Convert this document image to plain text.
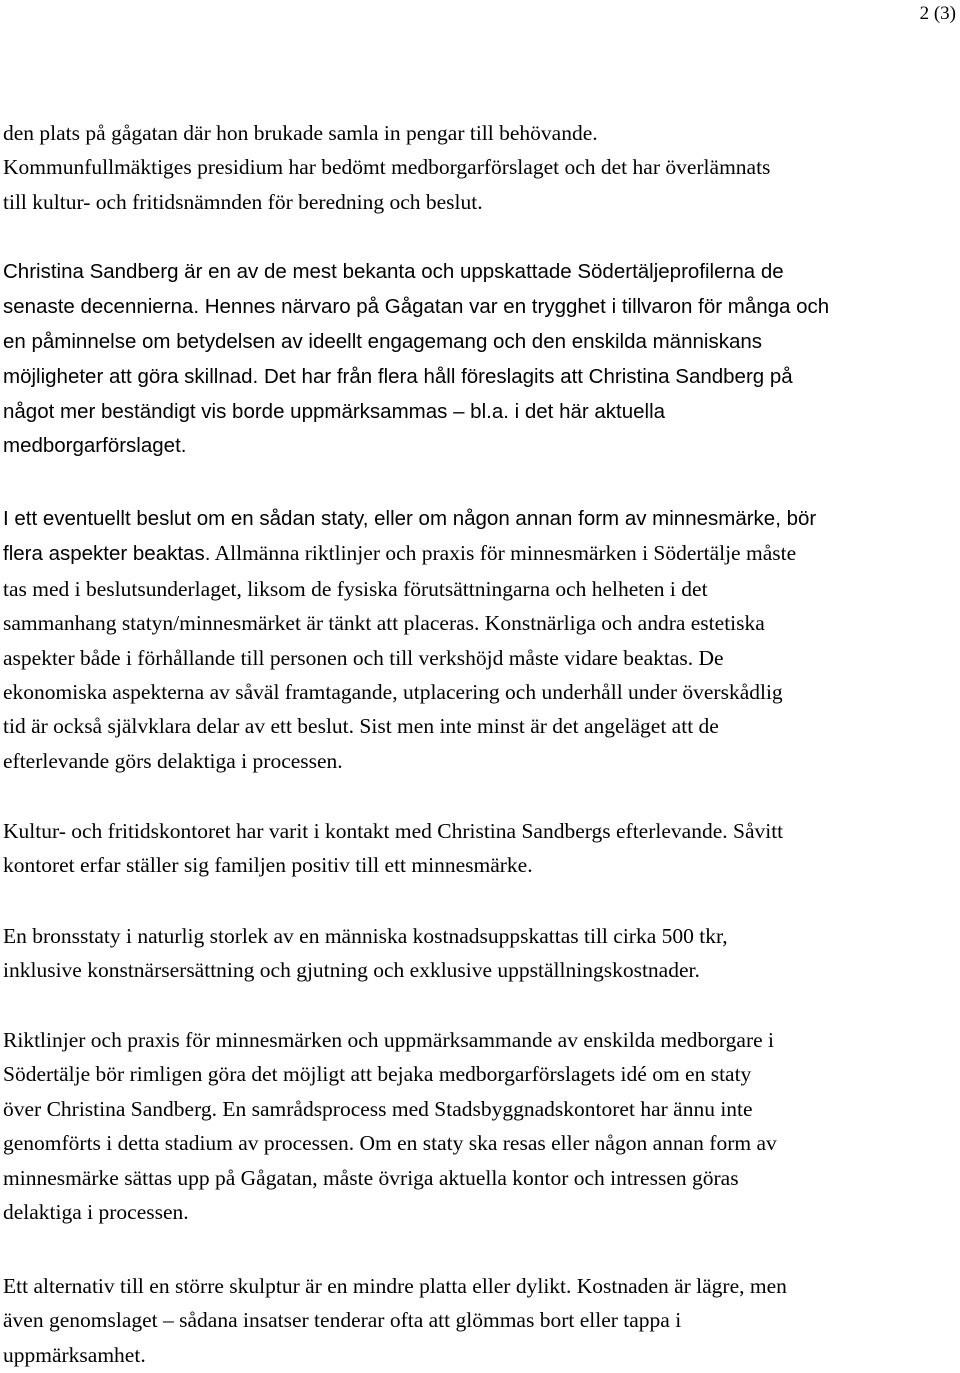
2 (3)
den plats på gågatan där hon brukade samla in pengar till behövande.
Kommunfullmäktiges presidium har bedömt medborgarförslaget och det har överlämnats
till kultur- och fritidsnämnden för beredning och beslut.
Christina Sandberg är en av de mest bekanta och uppskattade Södertäljeprofilerna de
senaste decennierna. Hennes närvaro på Gågatan var en trygghet i tillvaron för många och
en påminnelse om betydelsen av ideellt engagemang och den enskilda människans
möjligheter att göra skillnad. Det har från flera håll föreslagits att Christina Sandberg på
något mer beständigt vis borde uppmärksammas – bl.a. i det här aktuella
medborgarförslaget.
I ett eventuellt beslut om en sådan staty, eller om någon annan form av minnesmärke, bör
flera aspekter beaktas. Allmänna riktlinjer och praxis för minnesmärken i Södertälje måste
tas med i beslutsunderlaget, liksom de fysiska förutsättningarna och helheten i det
sammanhang statyn/minnesmärket är tänkt att placeras. Konstnärliga och andra estetiska
aspekter både i förhållande till personen och till verkshöjd måste vidare beaktas. De
ekonomiska aspekterna av såväl framtagande, utplacering och underhåll under överskådlig
tid är också självklara delar av ett beslut. Sist men inte minst är det angeläget att de
efterlevande görs delaktiga i processen.
Kultur- och fritidskontoret har varit i kontakt med Christina Sandbergs efterlevande. Såvitt
kontoret erfar ställer sig familjen positiv till ett minnesmärke.
En bronsstaty i naturlig storlek av en människa kostnadsuppskattas till cirka 500 tkr,
inklusive konstnärsersättning och gjutning och exklusive uppställningskostnader.
Riktlinjer och praxis för minnesmärken och uppmärksammande av enskilda medborgare i
Södertälje bör rimligen göra det möjligt att bejaka medborgarförslagets idé om en staty
över Christina Sandberg. En samrådsprocess med Stadsbyggnadskontoret har ännu inte
genomförts i detta stadium av processen. Om en staty ska resas eller någon annan form av
minnesmärke sättas upp på Gågatan, måste övriga aktuella kontor och intressen göras
delaktiga i processen.
Ett alternativ till en större skulptur är en mindre platta eller dylikt. Kostnaden är lägre, men
även genomslaget – sådana insatser tenderar ofta att glömmas bort eller tappa i
uppmärksamhet.
